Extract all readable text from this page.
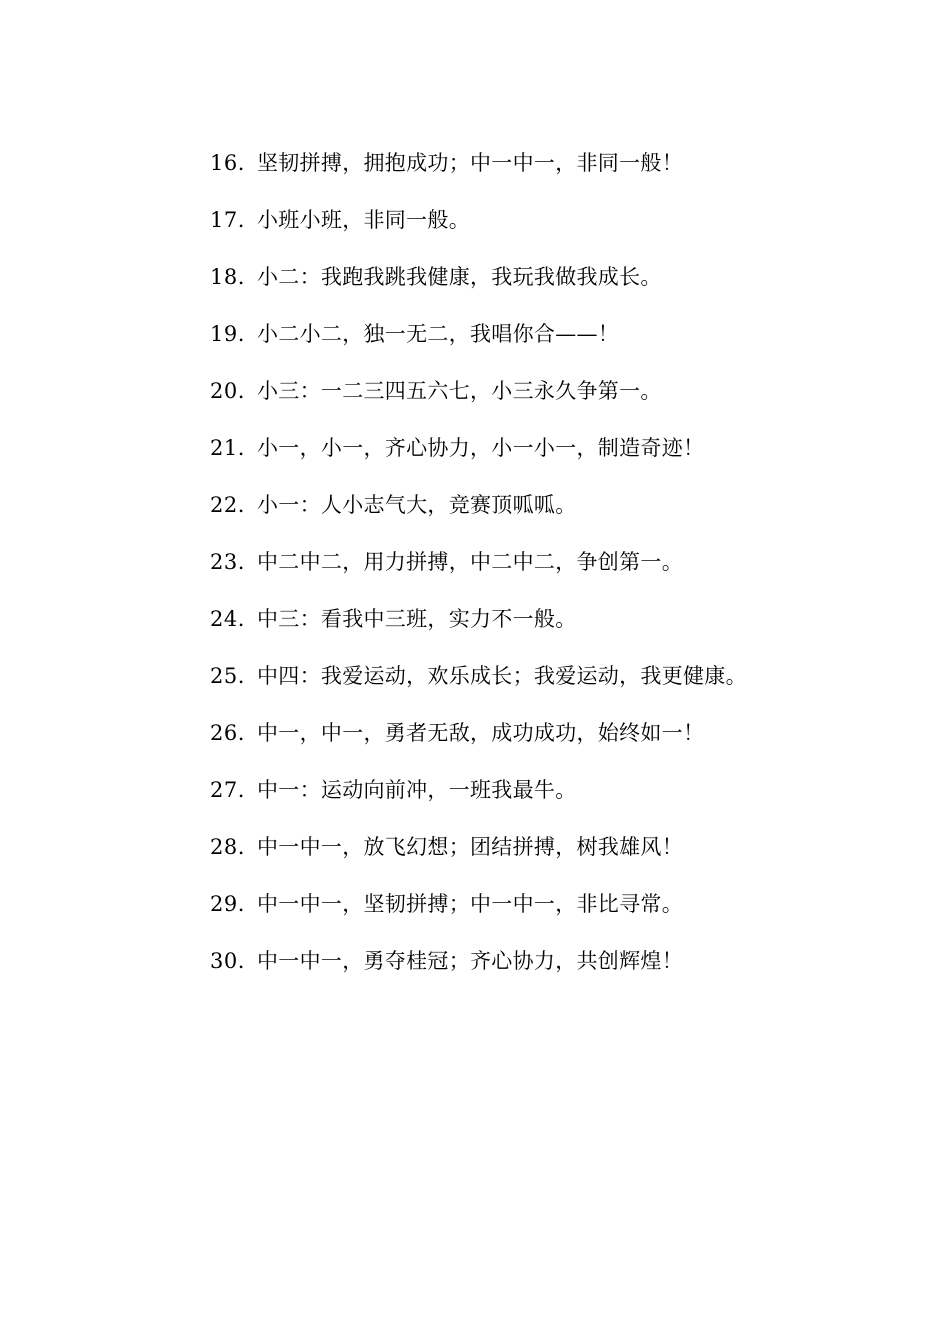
16. 坚韧拼搏，拥抱成功；中一中一，非同一般！
17. 小班小班，非同一般。
18. 小二：我跑我跳我健康，我玩我做我成长。
19. 小二小二，独一无二，我唱你合——！
20. 小三：一二三四五六七，小三永久争第一。
21. 小一，小一，齐心协力，小一小一，制造奇迹！
22. 小一：人小志气大，竞赛顶呱呱。
23. 中二中二，用力拼搏，中二中二，争创第一。
24. 中三：看我中三班，实力不一般。
25. 中四：我爱运动，欢乐成长；我爱运动，我更健康。
26. 中一，中一，勇者无敌，成功成功，始终如一！
27. 中一：运动向前冲，一班我最牛。
28. 中一中一，放飞幻想；团结拼搏，树我雄风！
29. 中一中一，坚韧拼搏；中一中一，非比寻常。
30. 中一中一，勇夺桂冠；齐心协力，共创辉煌！
